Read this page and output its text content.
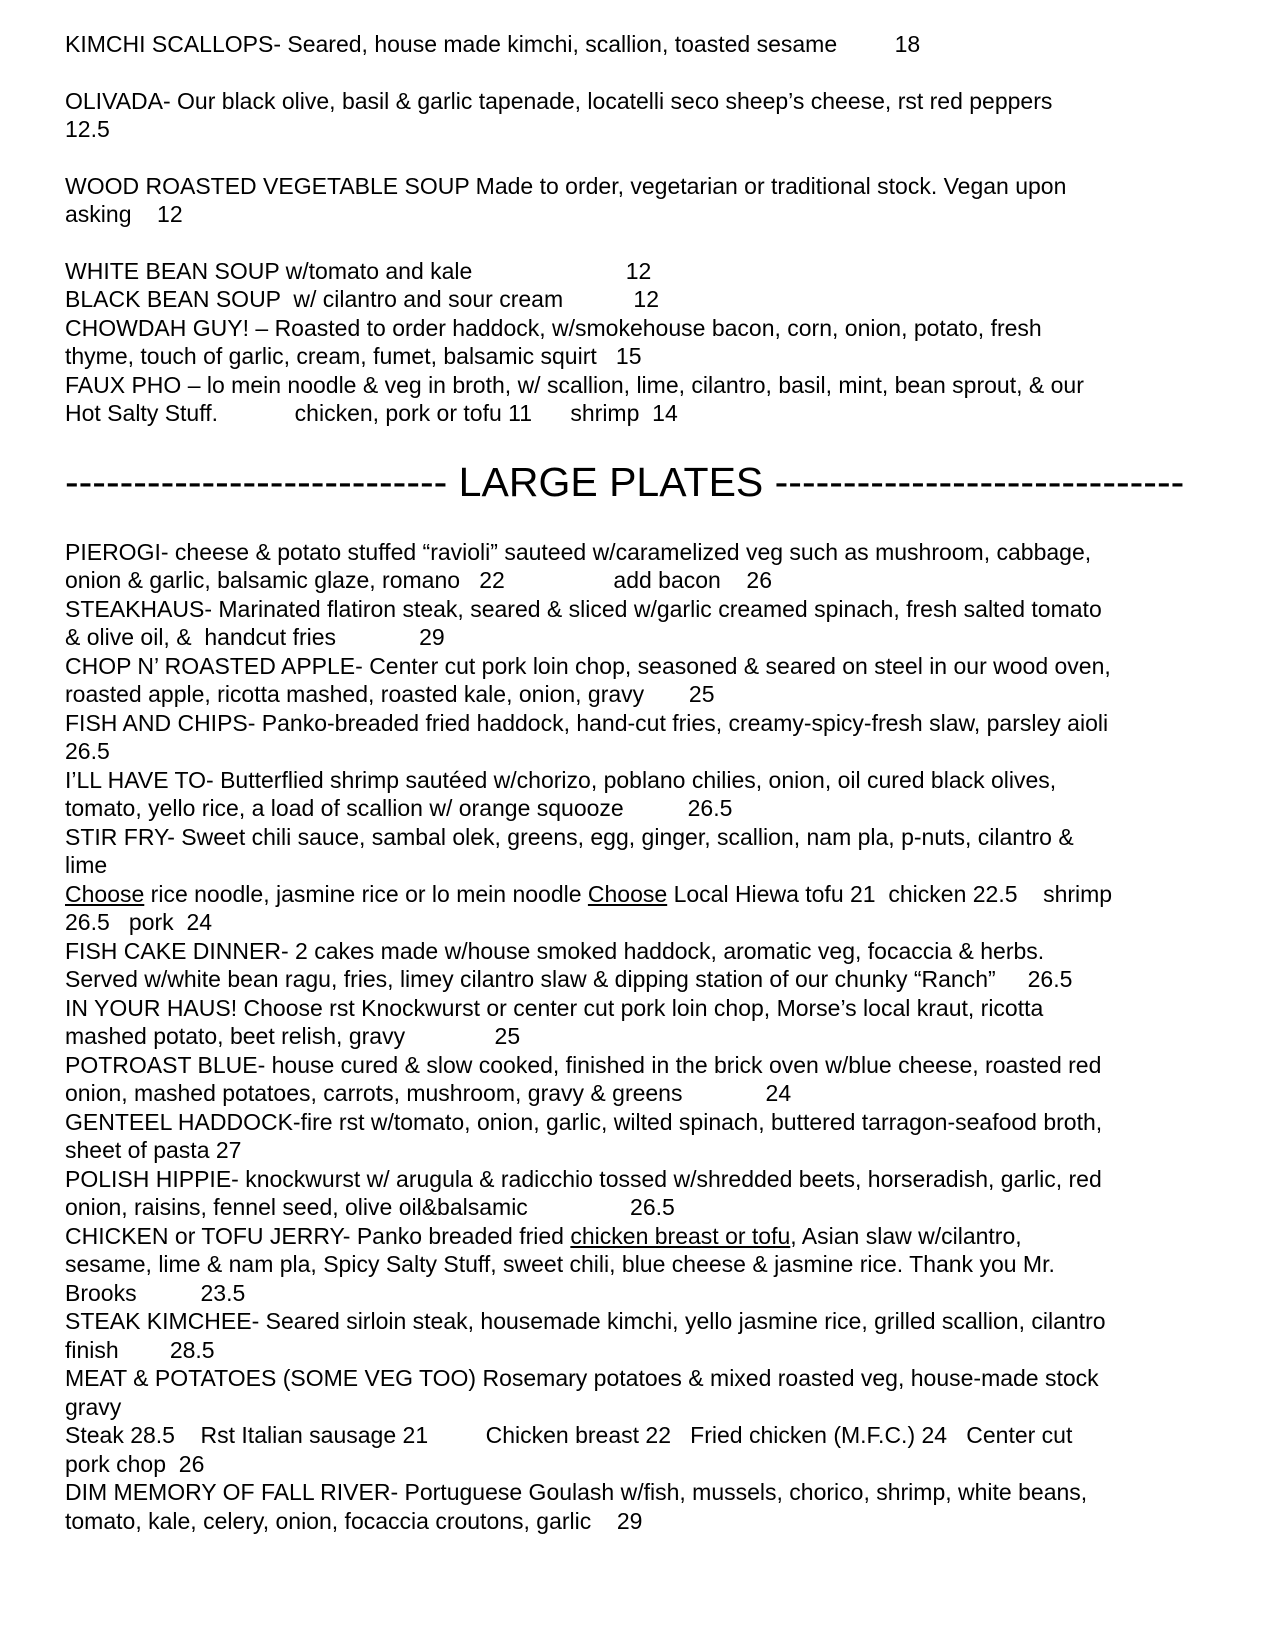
KIMCHI SCALLOPS- Seared, house made kimchi, scallion, toasted sesame         18

OLIVADA- Our black olive, basil & garlic tapenade, locatelli seco sheep’s cheese, rst red peppers
12.5

WOOD ROASTED VEGETABLE SOUP Made to order, vegetarian or traditional stock. Vegan upon
asking    12

WHITE BEAN SOUP w/tomato and kale                        12

BLACK BEAN SOUP  w/ cilantro and sour cream           12

CHOWDAH GUY! – Roasted to order haddock, w/smokehouse bacon, corn, onion, potato, fresh
thyme, touch of garlic, cream, fumet, balsamic squirt   15

FAUX PHO – lo mein noodle & veg in broth, w/ scallion, lime, cilantro, basil, mint, bean sprout, & our
Hot Salty Stuff.            chicken, pork or tofu 11      shrimp  14

---------------------------- LARGE PLATES ------------------------------

PIEROGI- cheese & potato stuffed “ravioli” sauteed w/caramelized veg such as mushroom, cabbage,
onion & garlic, balsamic glaze, romano   22                 add bacon    26

STEAKHAUS- Marinated flatiron steak, seared & sliced w/garlic creamed spinach, fresh salted tomato
& olive oil, &  handcut fries             29

CHOP N’ ROASTED APPLE- Center cut pork loin chop, seasoned & seared on steel in our wood oven,
roasted apple, ricotta mashed, roasted kale, onion, gravy       25

FISH AND CHIPS- Panko-breaded fried haddock, hand-cut fries, creamy-spicy-fresh slaw, parsley aioli
26.5

I’LL HAVE TO- Butterflied shrimp sautéed w/chorizo, poblano chilies, onion, oil cured black olives,
tomato, yello rice, a load of scallion w/ orange squooze          26.5

STIR FRY- Sweet chili sauce, sambal olek, greens, egg, ginger, scallion, nam pla, p-nuts, cilantro &
lime

Choose rice noodle, jasmine rice or lo mein noodle Choose Local Hiewa tofu 21  chicken 22.5    shrimp
26.5   pork  24

FISH CAKE DINNER- 2 cakes made w/house smoked haddock, aromatic veg, focaccia & herbs.
Served w/white bean ragu, fries, limey cilantro slaw & dipping station of our chunky “Ranch”     26.5

IN YOUR HAUS! Choose rst Knockwurst or center cut pork loin chop, Morse’s local kraut, ricotta
mashed potato, beet relish, gravy              25

POTROAST BLUE- house cured & slow cooked, finished in the brick oven w/blue cheese, roasted red
onion, mashed potatoes, carrots, mushroom, gravy & greens             24

GENTEEL HADDOCK-fire rst w/tomato, onion, garlic, wilted spinach, buttered tarragon-seafood broth,
sheet of pasta 27

POLISH HIPPIE- knockwurst w/ arugula & radicchio tossed w/shredded beets, horseradish, garlic, red
onion, raisins, fennel seed, olive oil&balsamic                26.5

CHICKEN or TOFU JERRY- Panko breaded fried chicken breast or tofu, Asian slaw w/cilantro,
sesame, lime & nam pla, Spicy Salty Stuff, sweet chili, blue cheese & jasmine rice. Thank you Mr.
Brooks          23.5

STEAK KIMCHEE- Seared sirloin steak, housemade kimchi, yello jasmine rice, grilled scallion, cilantro
finish        28.5

MEAT & POTATOES (SOME VEG TOO) Rosemary potatoes & mixed roasted veg, house-made stock
gravy
Steak 28.5    Rst Italian sausage 21         Chicken breast 22   Fried chicken (M.F.C.) 24   Center cut
pork chop  26

DIM MEMORY OF FALL RIVER- Portuguese Goulash w/fish, mussels, chorico, shrimp, white beans,
tomato, kale, celery, onion, focaccia croutons, garlic    29
